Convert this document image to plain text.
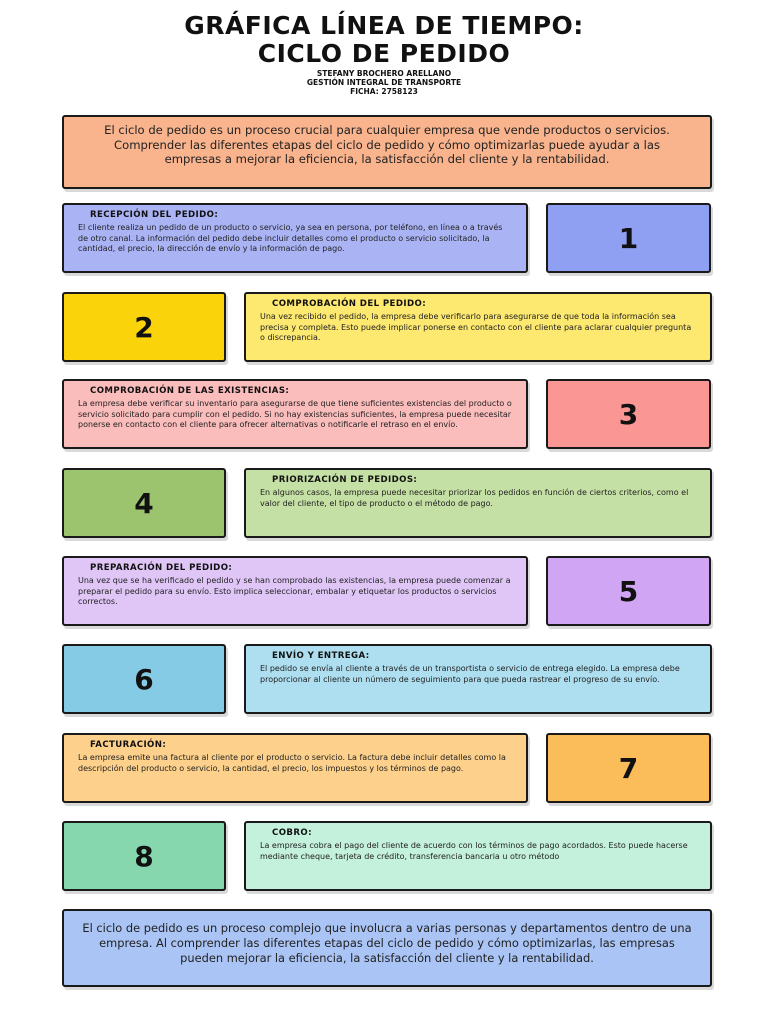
GRÁFICA LÍNEA DE TIEMPO:
CICLO DE PEDIDO
STEFANY BROCHERO ARELLANO
GESTIÓN INTEGRAL DE TRANSPORTE
FICHA: 2758123
El ciclo de pedido es un proceso crucial para cualquier empresa que vende productos o servicios. Comprender las diferentes etapas del ciclo de pedido y cómo optimizarlas puede ayudar a las empresas a mejorar la eficiencia, la satisfacción del cliente y la rentabilidad.
RECEPCIÓN DEL PEDIDO:
El cliente realiza un pedido de un producto o servicio, ya sea en persona, por teléfono, en línea o a través de otro canal. La información del pedido debe incluir detalles como el producto o servicio solicitado, la cantidad, el precio, la dirección de envío y la información de pago.	1
COMPROBACIÓN DEL PEDIDO:
Una vez recibido el pedido, la empresa debe verificarlo para asegurarse de que toda la información sea precisa y completa. Esto puede implicar ponerse en contacto con el cliente para aclarar cualquier pregunta o discrepancia.
2
COMPROBACIÓN DE LAS EXISTENCIAS:
La empresa debe verificar su inventario para asegurarse de que tiene suficientes existencias del producto o servicio solicitado para cumplir con el pedido. Si no hay existencias suficientes, la empresa puede necesitar ponerse en contacto con el cliente para ofrecer alternativas o notificarle el retraso en el envío.	3
PRIORIZACIÓN DE PEDIDOS:
En algunos casos, la empresa puede necesitar priorizar los pedidos en función de ciertos criterios, como el valor del cliente, el tipo de producto o el método de pago.
4
PREPARACIÓN DEL PEDIDO:
Una vez que se ha verificado el pedido y se han comprobado las existencias, la empresa puede comenzar a preparar el pedido para su envío. Esto implica seleccionar, embalar y etiquetar los productos o servicios correctos.	5
ENVÍO Y ENTREGA:
El pedido se envía al cliente a través de un transportista o servicio de entrega elegido. La empresa debe proporcionar al cliente un número de seguimiento para que pueda rastrear el progreso de su envío.
6
FACTURACIÓN:
La empresa emite una factura al cliente por el producto o servicio. La factura debe incluir detalles como la descripción del producto o servicio, la cantidad, el precio, los impuestos y los términos de pago.	7
COBRO:
La empresa cobra el pago del cliente de acuerdo con los términos de pago acordados. Esto puede hacerse mediante cheque, tarjeta de crédito, transferencia bancaria u otro método
8
El ciclo de pedido es un proceso complejo que involucra a varias personas y departamentos dentro de una empresa. Al comprender las diferentes etapas del ciclo de pedido y cómo optimizarlas, las empresas pueden mejorar la eficiencia, la satisfacción del cliente y la rentabilidad.
